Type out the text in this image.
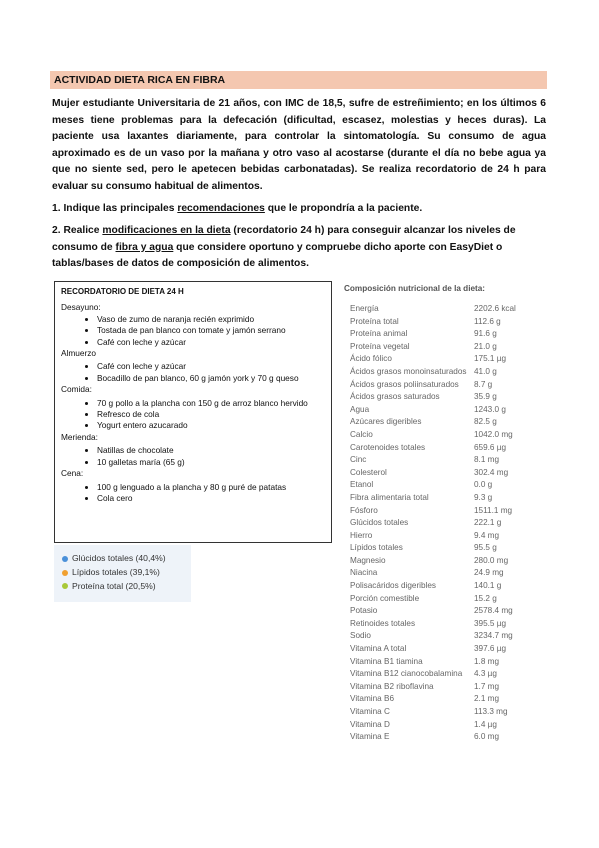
ACTIVIDAD DIETA RICA EN FIBRA
Mujer estudiante Universitaria de 21 años, con IMC de 18,5, sufre de estreñimiento; en los últimos 6 meses tiene problemas para la defecación (dificultad, escasez, molestias y heces duras). La paciente usa laxantes diariamente, para controlar la sintomatología. Su consumo de agua aproximado es de un vaso por la mañana y otro vaso al acostarse (durante el día no bebe agua ya que no siente sed, pero le apetecen bebidas carbonatadas). Se realiza recordatorio de 24 h para evaluar su consumo habitual de alimentos.
1. Indique las principales recomendaciones que le propondría a la paciente.
2. Realice modificaciones en la dieta (recordatorio 24 h) para conseguir alcanzar los niveles de consumo de fibra y agua que considere oportuno y compruebe dicho aporte con EasyDiet o tablas/bases de datos de composición de alimentos.
RECORDATORIO DE DIETA 24 H

Desayuno:

• Vaso de zumo de naranja recién exprimido
• Tostada de pan blanco con tomate y jamón serrano
• Café con leche y azúcar

Almuerzo

• Café con leche y azúcar
• Bocadillo de pan blanco, 60 g jamón york y 70 g queso

Comida:

• 70 g pollo a la plancha con 150 g de arroz blanco hervido
• Refresco de cola
• Yogurt entero azucarado

Merienda:

• Natillas de chocolate
• 10 galletas maría (65 g)

Cena:

• 100 g lenguado a la plancha y 80 g puré de patatas
• Cola cero
Glúcidos totales (40,4%)
Lípidos totales (39,1%)
Proteína total (20,5%)
Composición nutricional de la dieta:
Energía	2202.6 kcal
Proteína total	112.6 g
Proteína animal	91.6 g
Proteína vegetal	21.0 g
Ácido fólico	175.1 µg
Ácidos grasos monoinsaturados 41.0 g
Ácidos grasos poliinsaturados	8.7 g
Ácidos grasos saturados	35.9 g
Agua	1243.0 g
Azúcares digeribles	82.5 g
Calcio	1042.0 mg
Carotenoides totales	659.6 µg
Cinc	8.1 mg
Colesterol	302.4 mg
Etanol	0.0 g
Fibra alimentaria total	9.3 g
Fósforo	1511.1 mg
Glúcidos totales	222.1 g
Hierro	9.4 mg
Lípidos totales	95.5 g
Magnesio	280.0 mg
Niacina	24.9 mg
Polisacáridos digeribles	140.1 g
Porción comestible	15.2 g
Potasio	2578.4 mg
Retinoides totales	395.5 µg
Sodio	3234.7 mg
Vitamina A total	397.6 µg
Vitamina B1 tiamina	1.8 mg
Vitamina B12 cianocobalamina	4.3 µg
Vitamina B2 riboflavina	1.7 mg
Vitamina B6	2.1 mg
Vitamina C	113.3 mg
Vitamina D	1.4 µg
Vitamina E	6.0 mg
